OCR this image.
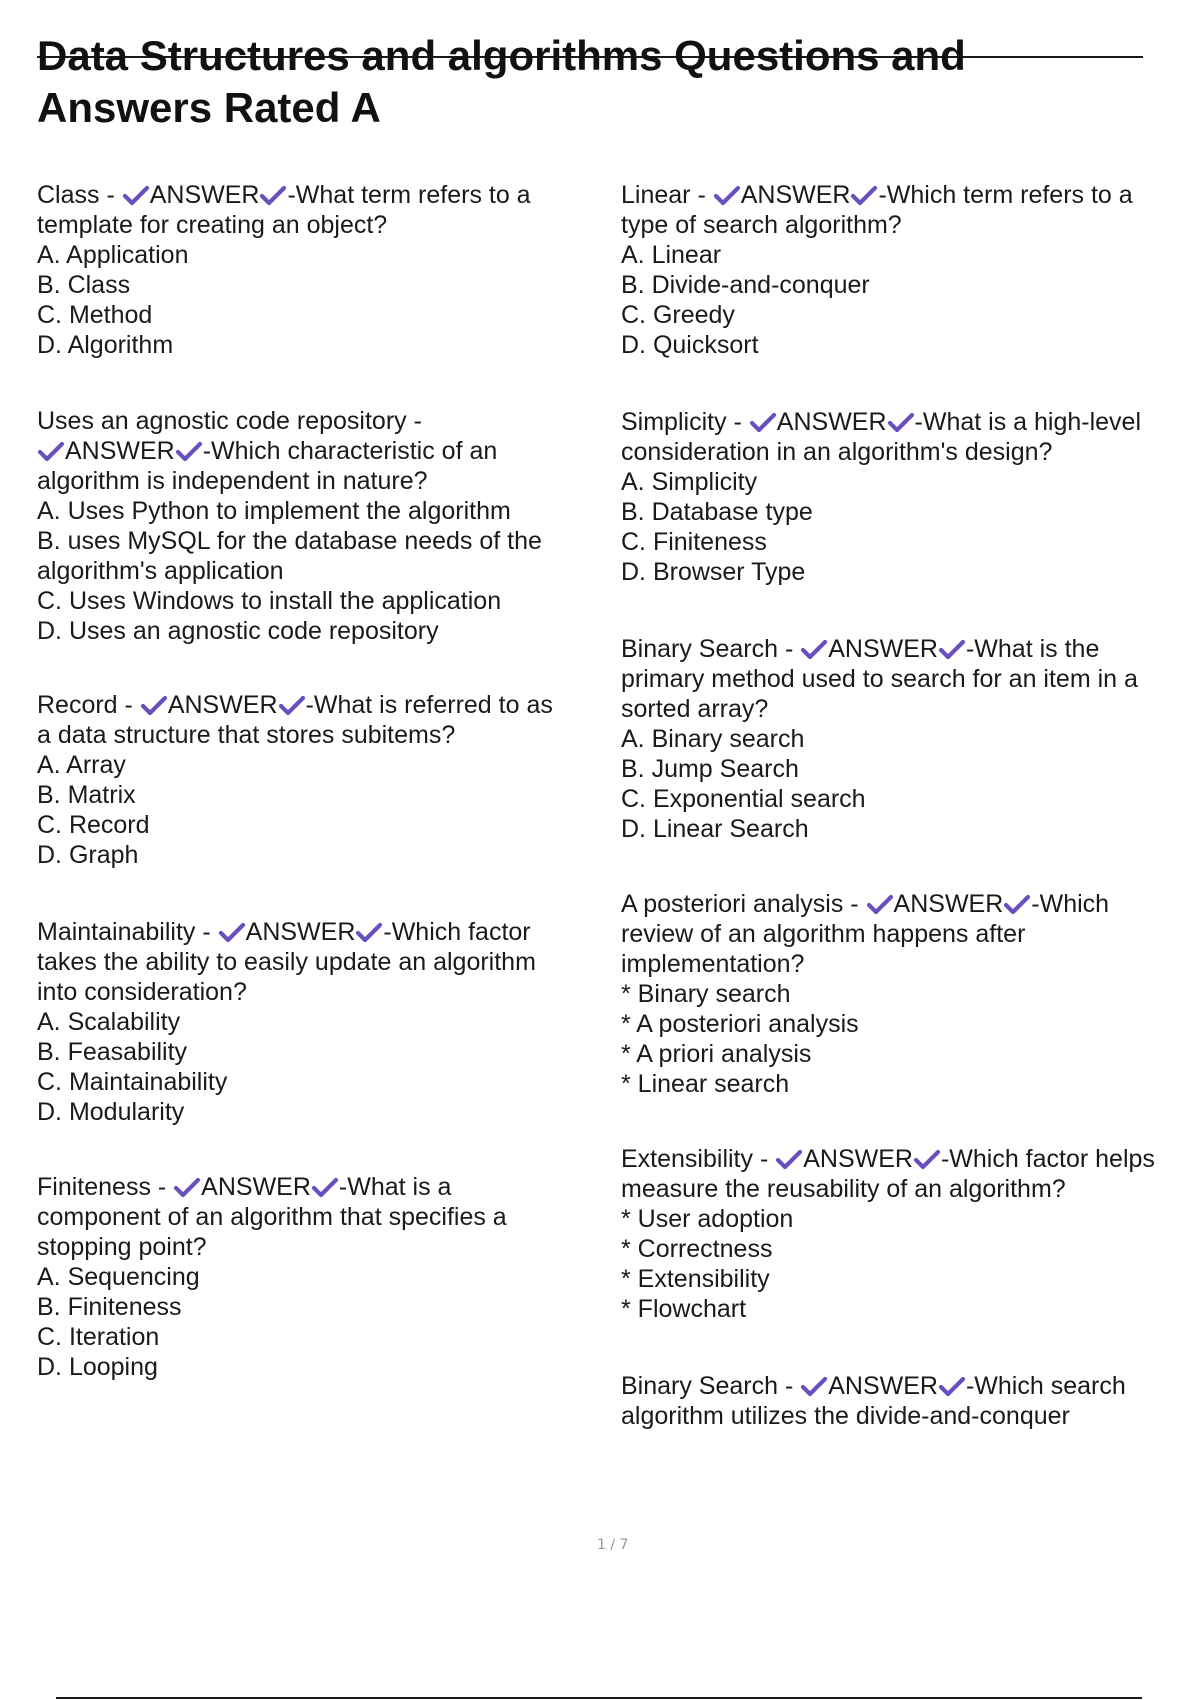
Data Structures and algorithms Questions and
Answers Rated A
Class -
ANSWER -What term refers to a
template for creating an object?
A. Application
B. Class
C. Method
D. Algorithm
Uses an agnostic code repository -
ANSWER -Which characteristic of an
algorithm is independent in nature?
A. Uses Python to implement the algorithm
B. uses MySQL for the database needs of the
algorithm's application
C. Uses Windows to install the application
D. Uses an agnostic code repository
Record -
ANSWER -What is referred to as
a data structure that stores subitems?
A. Array
B. Matrix
C. Record
D. Graph
Maintainability -
ANSWER -Which factor
takes the ability to easily update an algorithm
into consideration?
A. Scalability
B. Feasability
C. Maintainability
D. Modularity
Finiteness -
ANSWER -What is a
component of an algorithm that specifies a
stopping point?
A. Sequencing
B. Finiteness
C. Iteration
D. Looping
Linear -
ANSWER -Which term refers to a
type of search algorithm?
A. Linear
B. Divide-and-conquer
C. Greedy
D. Quicksort
Simplicity -
ANSWER -What is a high-level
consideration in an algorithm's design?
A. Simplicity
B. Database type
C. Finiteness
D. Browser Type
Binary Search -
ANSWER -What is the
primary method used to search for an item in a
sorted array?
A. Binary search
B. Jump Search
C. Exponential search
D. Linear Search
A posteriori analysis -
ANSWER -Which
review of an algorithm happens after
implementation?
* Binary search
* A posteriori analysis
* A priori analysis
* Linear search
Extensibility -
ANSWER -Which factor helps
measure the reusability of an algorithm?
* User adoption
* Correctness
* Extensibility
* Flowchart
Binary Search -
ANSWER -Which search
algorithm utilizes the divide-and-conquer
1 / 7
